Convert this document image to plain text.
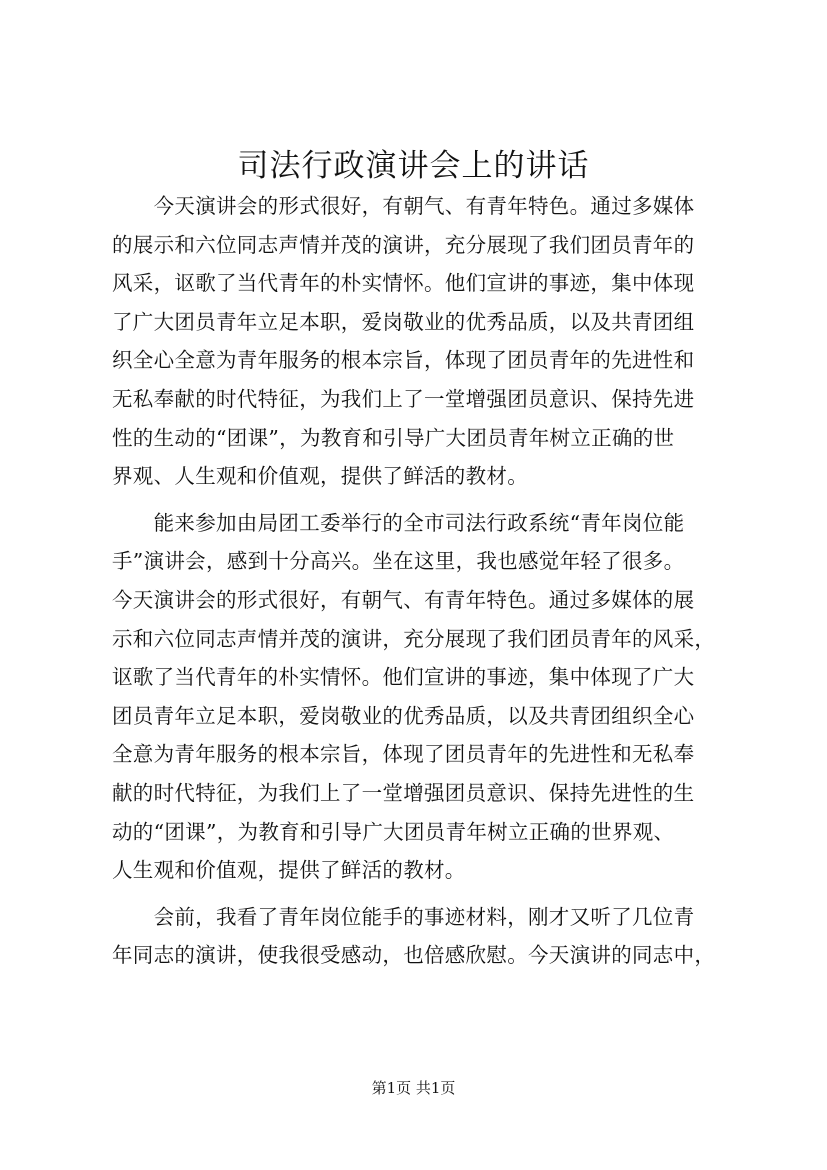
司法行政演讲会上的讲话
　　今天演讲会的形式很好，有朝气、有青年特色。通过多媒体
的展示和六位同志声情并茂的演讲，充分展现了我们团员青年的
风采，讴歌了当代青年的朴实情怀。他们宣讲的事迹，集中体现
了广大团员青年立足本职，爱岗敬业的优秀品质，以及共青团组
织全心全意为青年服务的根本宗旨，体现了团员青年的先进性和
无私奉献的时代特征，为我们上了一堂增强团员意识、保持先进
性的生动的“团课”，为教育和引导广大团员青年树立正确的世
界观、人生观和价值观，提供了鲜活的教材。
　　能来参加由局团工委举行的全市司法行政系统“青年岗位能
手”演讲会，感到十分高兴。坐在这里，我也感觉年轻了很多。
今天演讲会的形式很好，有朝气、有青年特色。通过多媒体的展
示和六位同志声情并茂的演讲，充分展现了我们团员青年的风采，
讴歌了当代青年的朴实情怀。他们宣讲的事迹，集中体现了广大
团员青年立足本职，爱岗敬业的优秀品质，以及共青团组织全心
全意为青年服务的根本宗旨，体现了团员青年的先进性和无私奉
献的时代特征，为我们上了一堂增强团员意识、保持先进性的生
动的“团课”，为教育和引导广大团员青年树立正确的世界观、
人生观和价值观，提供了鲜活的教材。
　　会前，我看了青年岗位能手的事迹材料，刚才又听了几位青
年同志的演讲，使我很受感动，也倍感欣慰。今天演讲的同志中，
第1页 共1页
